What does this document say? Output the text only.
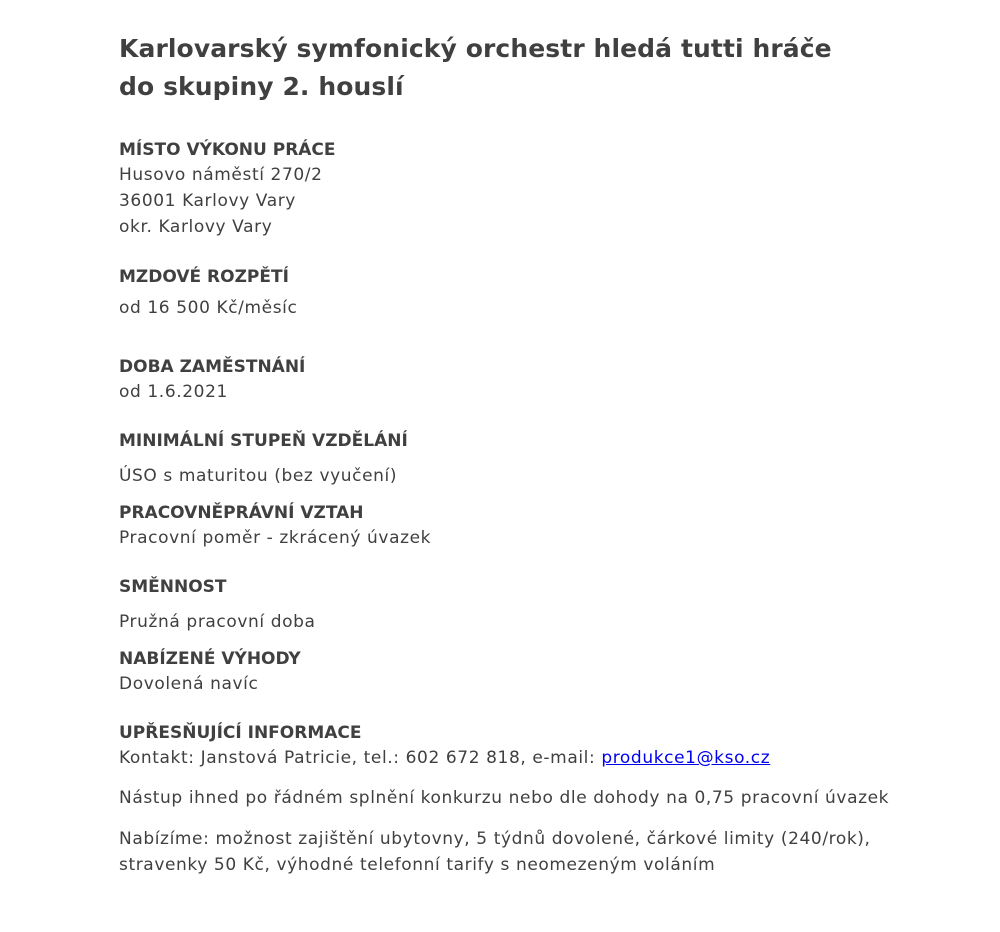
Karlovarský symfonický orchestr hledá tutti hráče
do skupiny 2. houslí
MÍSTO VÝKONU PRÁCE
Husovo náměstí 270/2
36001 Karlovy Vary
okr. Karlovy Vary
MZDOVÉ ROZPĚTÍ

od 16 500 Kč/měsíc

DOBA ZAMĚSTNÁNÍ

od 1.6.2021

MINIMÁLNÍ STUPEŇ VZDĚLÁNÍ

ÚSO s maturitou (bez vyučení)

PRACOVNĚPRÁVNÍ VZTAH

Pracovní poměr - zkrácený úvazek

SMĚNNOST

Pružná pracovní doba

NABÍZENÉ VÝHODY

Dovolená navíc

UPŘESŇUJÍCÍ INFORMACE

Kontakt: Janstová Patricie, tel.: 602 672 818, e-mail: produkce1@kso.cz

Nástup ihned po řádném splnění konkurzu nebo dle dohody na 0,75 pracovní úvazek

Nabízíme: možnost zajištění ubytovny, 5 týdnů dovolené, čárkové limity (240/rok),
stravenky 50 Kč, výhodné telefonní tarify s neomezeným voláním
